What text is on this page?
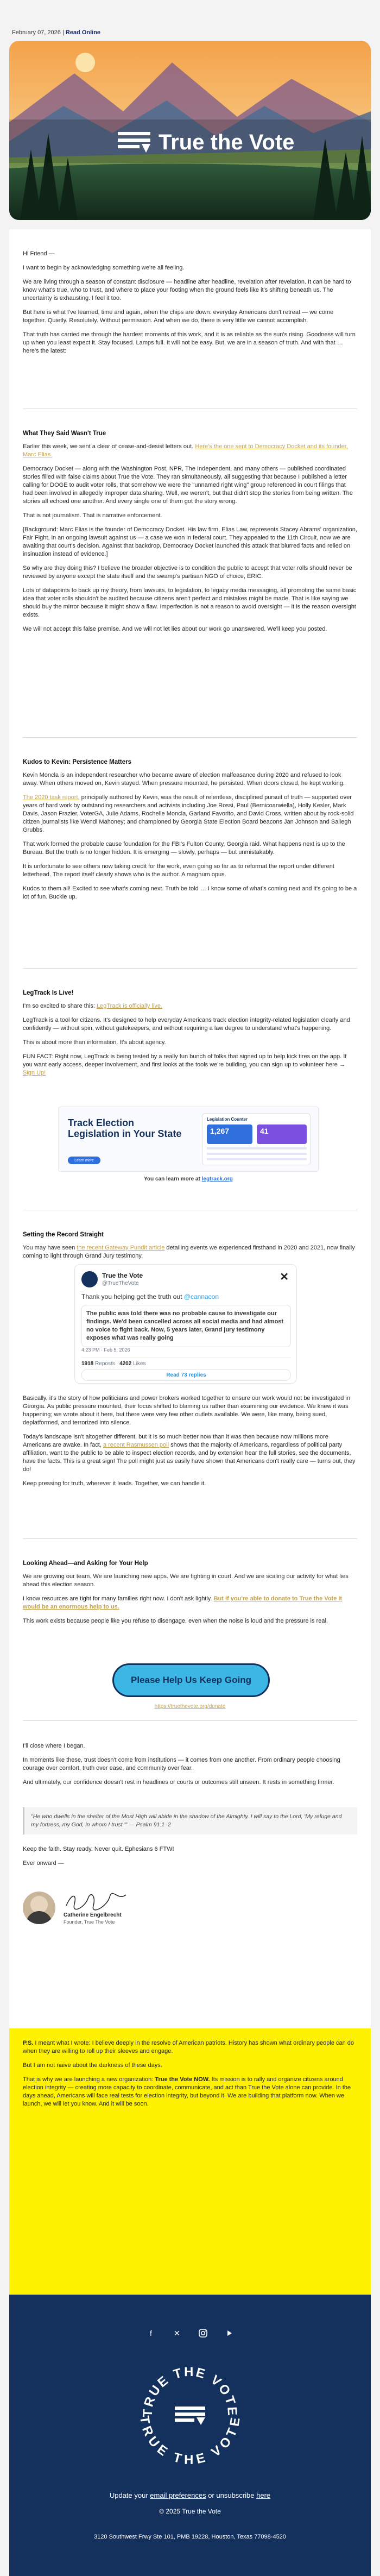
February 07, 2026 | Read Online
True the Vote

Hi Friend —

I want to begin by acknowledging something we're all feeling.

We are living through a season of constant disclosure — headline after headline, revelation after revelation. It can be hard to know what's true, who to trust, and where to place your footing when the ground feels like it's shifting beneath us. The uncertainty is exhausting. I feel it too.

But here is what I've learned, time and again, when the chips are down: everyday Americans don't retreat — we come together. Quietly. Resolutely. Without permission. And when we do, there is very little we cannot accomplish.

That truth has carried me through the hardest moments of this work, and it is as reliable as the sun's rising. Goodness will turn up when you least expect it. Stay focused. Lamps full. It will not be easy. But, we are in a season of truth. And with that … here's the latest:

What They Said Wasn't True

Earlier this week, we sent a clear of cease-and-desist letters out. Here's the one sent to Democracy Docket and its founder, Marc Elias.

Democracy Docket — along with the Washington Post, NPR, The Independent, and many others — published coordinated stories filled with false claims about True the Vote. They ran simultaneously, all suggesting that because I published a letter calling for DOGE to audit voter rolls, that somehow we were the "unnamed right wing" group referenced in court filings that had been involved in allegedly improper data sharing. Well, we weren't, but that didn't stop the stories from being written. The stories all echoed one another. And every single one of them got the story wrong.

That is not journalism. That is narrative enforcement.

[Background: Marc Elias is the founder of Democracy Docket. His law firm, Elias Law, represents Stacey Abrams' organization, Fair Fight, in an ongoing lawsuit against us — a case we won in federal court. They appealed to the 11th Circuit, now we are awaiting that court's decision. Against that backdrop, Democracy Docket launched this attack that blurred facts and relied on insinuation instead of evidence.]

So why are they doing this? I believe the broader objective is to condition the public to accept that voter rolls should never be reviewed by anyone except the state itself and the swamp's partisan NGO of choice, ERIC.

Lots of datapoints to back up my theory, from lawsuits, to legislation, to legacy media messaging, all promoting the same basic idea that voter rolls shouldn't be audited because citizens aren't perfect and mistakes might be made. That is like saying we should buy the mirror because it might show a flaw. Imperfection is not a reason to avoid oversight — it is the reason oversight exists.

We will not accept this false premise. And we will not let lies about our work go unanswered. We'll keep you posted.

Kudos to Kevin: Persistence Matters

Kevin Moncla is an independent researcher who became aware of election malfeasance during 2020 and refused to look away. When others moved on, Kevin stayed. When pressure mounted, he persisted. When doors closed, he kept working.

The 2020 task report, principally authored by Kevin, was the result of relentless, disciplined pursuit of truth — supported over years of hard work by outstanding researchers and activists including Joe Rossi, Paul (Bernicoarwiella), Holly Kesler, Mark Davis, Jason Frazier, VoterGA, Julie Adams, Rochelle Moncla, Garland Favorito, and David Cross, written about by rock-solid citizen journalists like Wendi Mahoney; and championed by Georgia State Election Board beacons Jan Johnson and Sallegh Grubbs.

That work formed the probable cause foundation for the FBI's Fulton County, Georgia raid. What happens next is up to the Bureau. But the truth is no longer hidden. It is emerging — slowly, perhaps — but unmistakably.

It is unfortunate to see others now taking credit for the work, even going so far as to reformat the report under different letterhead. The report itself clearly shows who is the author. A magnum opus.

Kudos to them all! Excited to see what's coming next. Truth be told … I know some of what's coming next and it's going to be a lot of fun. Buckle up.

LegTrack Is Live!

I'm so excited to share this: LegTrack is officially live.

LegTrack is a tool for citizens. It's designed to help everyday Americans track election integrity-related legislation clearly and confidently — without spin, without gatekeepers, and without requiring a law degree to understand what's happening.

This is about more than information. It's about agency.

FUN FACT: Right now, LegTrack is being tested by a really fun bunch of folks that signed up to help kick tires on the app. If you want early access, deeper involvement, and first looks at the tools we're building, you can sign up to volunteer here → Sign Up!

Track Election Legislation in Your State
Learn more
Legislation Counter
1,267	41
You can learn more at legtrack.org
Setting the Record Straight

You may have seen the recent Gateway Pundit article detailing events we experienced firsthand in 2020 and 2021, now finally coming to light through Grand Jury testimony.

True the Vote
@TrueTheVote
✕
Thank you helping get the truth out @cannacon
The public was told there was no probable cause to investigate our findings. We'd been cancelled across all social media and had almost no voice to fight back. Now, 5 years later, Grand jury testimony exposes what was really going
4:23 PM · Feb 5, 2026
1918 Reposts 4202 Likes
Read 73 replies

Basically, it's the story of how politicians and power brokers worked together to ensure our work would not be investigated in Georgia. As public pressure mounted, their focus shifted to blaming us rather than examining our evidence. We knew it was happening; we wrote about it here, but there were very few other outlets available. We were, like many, being sued, deplatformed, and terrorized into silence.

Today's landscape isn't altogether different, but it is so much better now than it was then because now millions more Americans are awake. In fact, a recent Rasmussen poll shows that the majority of Americans, regardless of political party affiliation, want to the public to be able to inspect election records, and by extension hear the full stories, see the documents, have the facts. This is a great sign! The poll might just as easily have shown that Americans don't really care — turns out, they do!

Keep pressing for truth, wherever it leads. Together, we can handle it.

Looking Ahead—and Asking for Your Help

We are growing our team. We are launching new apps. We are fighting in court. And we are scaling our activity for what lies ahead this election season.

I know resources are tight for many families right now. I don't ask lightly. But if you're able to donate to True the Vote it would be an enormous help to us.

This work exists because people like you refuse to disengage, even when the noise is loud and the pressure is real.

Please Help Us Keep Going
https://truethevote.org/donate

I'll close where I began.

In moments like these, trust doesn't come from institutions — it comes from one another. From ordinary people choosing courage over comfort, truth over ease, and community over fear.

And ultimately, our confidence doesn't rest in headlines or courts or outcomes still unseen. It rests in something firmer.

"He who dwells in the shelter of the Most High will abide in the shadow of the Almighty. I will say to the Lord, 'My refuge and my fortress, my God, in whom I trust.'" — Psalm 91:1–2

Keep the faith. Stay ready. Never quit. Ephesians 6 FTW!

Ever onward —

Catherine Engelbrecht
Founder, True The Vote

P.S. I meant what I wrote: I believe deeply in the resolve of American patriots. History has shown what ordinary people can do when they are willing to roll up their sleeves and engage.

But I am not naive about the darkness of these days.

That is why we are launching a new organization: True the Vote NOW. Its mission is to rally and organize citizens around election integrity — creating more capacity to coordinate, communicate, and act than True the Vote alone can provide. In the days ahead, Americans will face real tests for election integrity, but beyond it. We are building that platform now. When we launch, we will let you know. And it will be soon.

f	✕
TRUE THE VOTE
TRUE THE VOTE
Update your email preferences or unsubscribe here
© 2025 True the Vote
3120 Southwest Frwy Ste 101, PMB 19228, Houston, Texas 77098-4520
